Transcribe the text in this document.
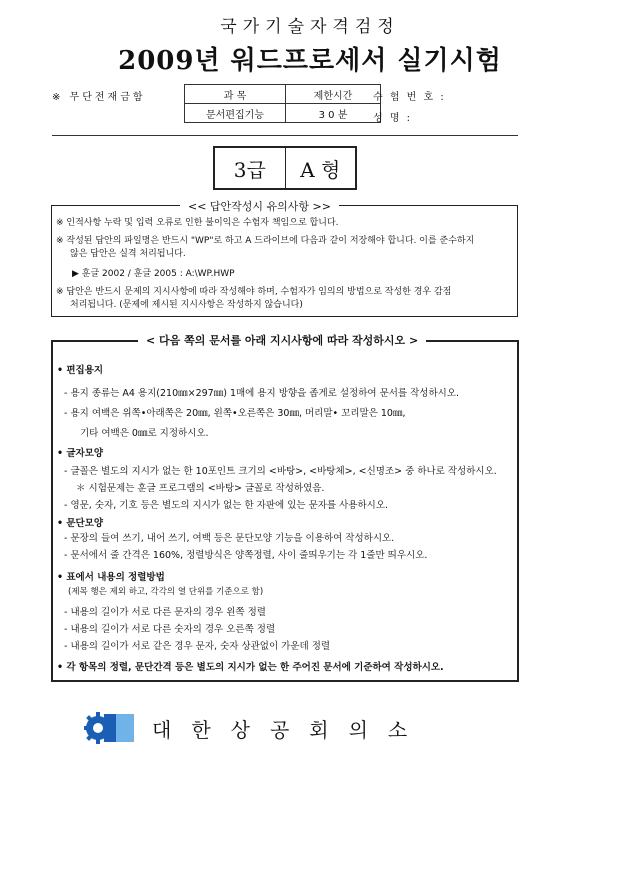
국가기술자격검정
2009년 워드프로세서 실기시험
※ 무단전재금함	과 목	제한시간
문서편집기능	3 0 분
수 험 번 호 :
성 명 :
3급	A 형
<< 답안작성시 유의사항 >>
※ 인적사항 누락 및 입력 오류로 인한 불이익은 수험자 책임으로 합니다.
※ 작성된 답안의 파일명은 반드시 "WP"로 하고 A 드라이브에 다음과 같이 저장해야 합니다. 이를 준수하지
않은 답안은 실격 처리됩니다.
▶ 훈글 2002 / 훈글 2005 : A:\WP.HWP
※ 답안은 반드시 문제의 지시사항에 따라 작성해야 하며, 수험자가 임의의 방법으로 작성한 경우 감점
처리됩니다. (문제에 제시된 지시사항은 작성하지 않습니다)
< 다음 쪽의 문서를 아래 지시사항에 따라 작성하시오 >
• 편집용지
- 용지 종류는 A4 용지(210㎜×297㎜) 1매에 용지 방향을 좁게로 설정하여 문서를 작성하시오.
- 용지 여백은 위쪽•아래쪽은 20㎜, 왼쪽•오른쪽은 30㎜, 머리말• 꼬리말은 10㎜,
기타 여백은 0㎜로 지정하시오.
• 글자모양
- 글꼴은 별도의 지시가 없는 한 10포인트 크기의 <바탕>, <바탕체>, <신명조> 중 하나로 작성하시오.
＊ 시험문제는 훈글 프로그램의 <바탕> 글꼴로 작성하였음.
- 영문, 숫자, 기호 등은 별도의 지시가 없는 한 자판에 있는 문자를 사용하시오.
• 문단모양
- 문장의 들여 쓰기, 내어 쓰기, 여백 등은 문단모양 기능을 이용하여 작성하시오.
- 문서에서 줄 간격은 160%, 정렬방식은 양쪽정렬, 사이 줄띄우기는 각 1줄만 띄우시오.
• 표에서 내용의 정렬방법
(제목 행은 제외 하고, 각각의 열 단위를 기준으로 함)
- 내용의 길이가 서로 다른 문자의 경우 왼쪽 정렬
- 내용의 길이가 서로 다른 숫자의 경우 오른쪽 정렬
- 내용의 길이가 서로 같은 경우 문자, 숫자 상관없이 가운데 정렬
• 각 항목의 정렬, 문단간격 등은 별도의 지시가 없는 한 주어진 문서에 기준하여 작성하시오.
대한상공회의소
